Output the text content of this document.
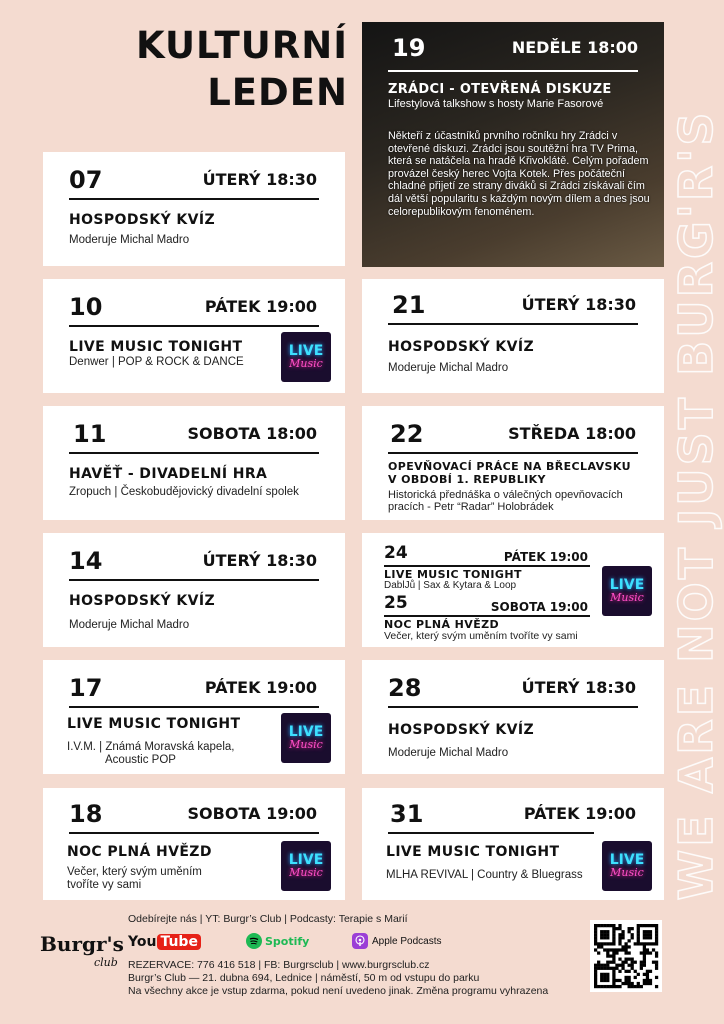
KULTURNÍ
LEDEN
WE ARE NOT JUST BURG'R'S
19	NEDĚLE 18:00
ZRÁDCI - OTEVŘENÁ DISKUZE
Lifestylová talkshow s hosty Marie Fasorové
Někteří z účastníků prvního ročníku hry Zrádci v otevřené diskuzi. Zrádci jsou soutěžní hra TV Prima, která se natáčela na hradě Křivoklátě. Celým pořadem provázel český herec Vojta Kotek. Přes počáteční chladné přijetí ze strany diváků si Zrádci získávali čím dál větší popularitu s každým novým dílem a dnes jsou celorepublikovým fenoménem.
07	ÚTERÝ 18:30
HOSPODSKÝ KVÍZ
Moderuje Michal Madro
10	PÁTEK 19:00
LIVE MUSIC TONIGHT
Denwer | POP & ROCK & DANCE
LIVE
Music
11	SOBOTA 18:00
HAVĚŤ - DIVADELNÍ HRA
Zropuch | Českobudějovický divadelní spolek
14	ÚTERÝ 18:30
HOSPODSKÝ KVÍZ
Moderuje Michal Madro
17	PÁTEK 19:00
LIVE MUSIC TONIGHT
I.V.M. | Známá Moravská kapela,
Acoustic POP
LIVE
Music
18	SOBOTA 19:00
NOC PLNÁ HVĚZD
Večer, který svým uměním
tvoříte vy sami
LIVE
Music
21	ÚTERÝ 18:30
HOSPODSKÝ KVÍZ
Moderuje Michal Madro
22	STŘEDA 18:00
OPEVŇOVACÍ PRÁCE NA BŘECLAVSKU
V OBDOBÍ 1. REPUBLIKY
Historická přednáška o válečných opevňovacích
pracích - Petr “Radar” Holobrádek
24	PÁTEK 19:00
LIVE MUSIC TONIGHT
DablJů | Sax & Kytara & Loop
25	SOBOTA 19:00
NOC PLNÁ HVĚZD
Večer, který svým uměním tvoříte vy sami
LIVE
Music
28	ÚTERÝ 18:30
HOSPODSKÝ KVÍZ
Moderuje Michal Madro
31	PÁTEK 19:00
LIVE MUSIC TONIGHT
MLHA REVIVAL | Country & Bluegrass
LIVE
Music
Odebírejte nás | YT: Burgr’s Club | Podcasty: Terapie s Marií
Burgr's
club
You Tube	Spotify	Apple Podcasts
REZERVACE: 776 416 518 | FB: Burgrsclub | www.burgrsclub.cz
Burgr’s Club — 21. dubna 694, Lednice | náměstí, 50 m od vstupu do parku
Na všechny akce je vstup zdarma, pokud není uvedeno jinak. Změna programu vyhrazena
